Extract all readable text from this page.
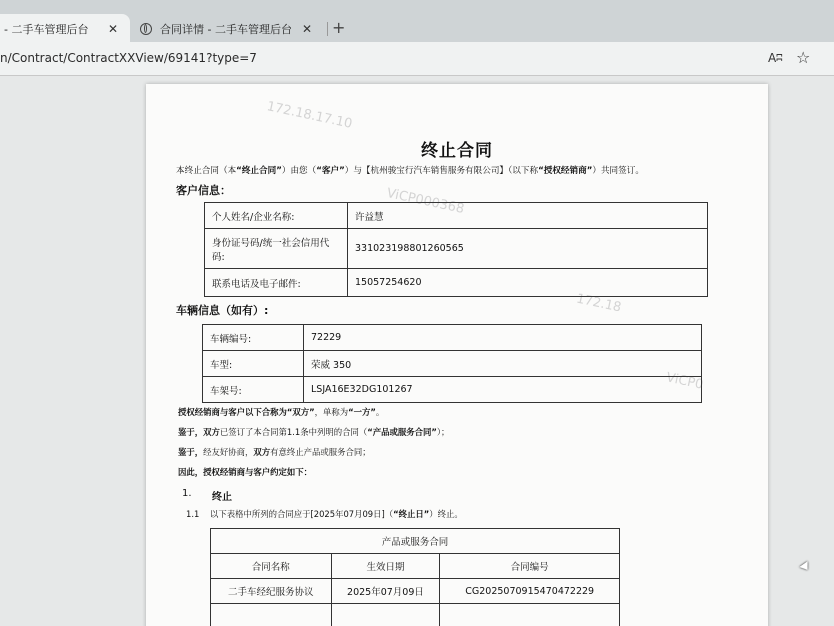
- 二手车管理后台	✕	合同详情 - 二手车管理后台 ✕ +
n/Contract/ContractXXView/69141?type=7	Aʭ ☆
172.18.17.10
ViCP000368
172.18
ViCP0
终止合同
本终止合同（本“终止合同”）由您（“客户”）与【杭州骏宝行汽车销售服务有限公司】（以下称“授权经销商”）共同签订。
客户信息：
个人姓名/企业名称:	许益慧
身份证号码/统一社会信用代码:	331023198801260565
联系电话及电子邮件:	15057254620
车辆信息（如有）:
车辆编号:	72229
车型:	荣威 350
车架号:	LSJA16E32DG101267
授权经销商与客户以下合称为“双方”，单称为“一方”。
鉴于，双方已签订了本合同第1.1条中列明的合同（“产品或服务合同”）；
鉴于，经友好协商，双方有意终止产品或服务合同；
因此，授权经销商与客户约定如下：
1. 终止
1.1 以下表格中所列的合同应于[2025年07月09日]（“终止日”）终止。
产品或服务合同		
合同名称	生效日期	合同编号
二手车经纪服务协议	2025年07月09日	CG202507091547047​2229
